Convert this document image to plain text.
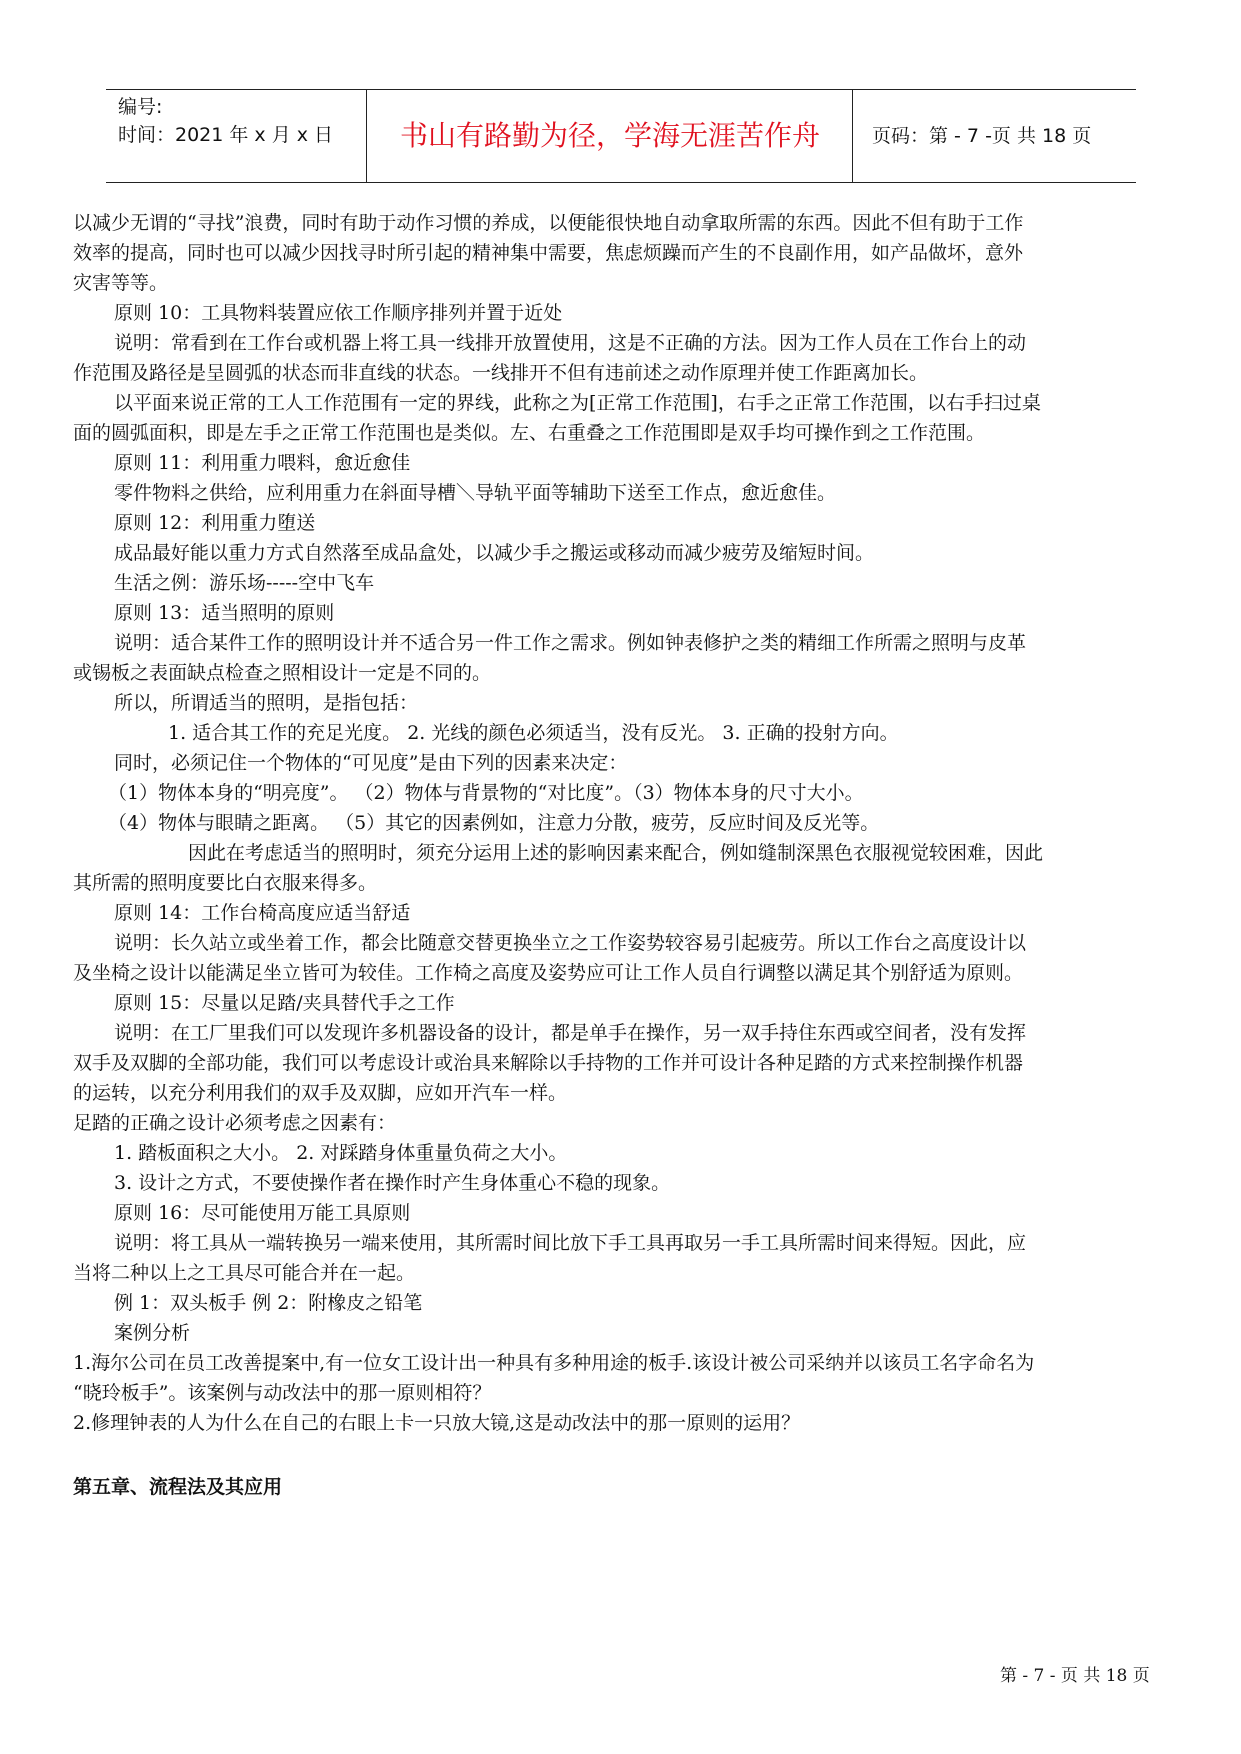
编号:
时间：2021 年 x 月 x 日	书山有路勤为径，学海无涯苦作舟	页码：第 - 7 -页 共 18 页
以减少无谓的“寻找”浪费，同时有助于动作习惯的养成，以便能很快地自动拿取所需的东西。因此不但有助于工作
效率的提高，同时也可以减少因找寻时所引起的精神集中需要，焦虑烦躁而产生的不良副作用，如产品做坏，意外
灾害等等。
原则 10：工具物料装置应依工作顺序排列并置于近处
说明：常看到在工作台或机器上将工具一线排开放置使用，这是不正确的方法。因为工作人员在工作台上的动
作范围及路径是呈圆弧的状态而非直线的状态。一线排开不但有违前述之动作原理并使工作距离加长。
以平面来说正常的工人工作范围有一定的界线，此称之为[正常工作范围]，右手之正常工作范围，以右手扫过桌
面的圆弧面积，即是左手之正常工作范围也是类似。左、右重叠之工作范围即是双手均可操作到之工作范围。
原则 11：利用重力喂料，愈近愈佳
零件物料之供给，应利用重力在斜面导槽＼导轨平面等辅助下送至工作点，愈近愈佳。
原则 12：利用重力堕送
成品最好能以重力方式自然落至成品盒处，以减少手之搬运或移动而减少疲劳及缩短时间。
生活之例：游乐场-----空中飞车
原则 13：适当照明的原则
说明：适合某件工作的照明设计并不适合另一件工作之需求。例如钟表修护之类的精细工作所需之照明与皮革
或锡板之表面缺点检查之照相设计一定是不同的。
所以，所谓适当的照明，是指包括：
1. 适合其工作的充足光度。 2. 光线的颜色必须适当，没有反光。 3. 正确的投射方向。
同时，必须记住一个物体的“可见度”是由下列的因素来决定：
（1）物体本身的“明亮度”。 （2）物体与背景物的“对比度”。（3）物体本身的尺寸大小。
（4）物体与眼睛之距离。 （5）其它的因素例如，注意力分散，疲劳，反应时间及反光等。
因此在考虑适当的照明时，须充分运用上述的影响因素来配合，例如缝制深黑色衣服视觉较困难，因此
其所需的照明度要比白衣服来得多。
原则 14：工作台椅高度应适当舒适
说明：长久站立或坐着工作，都会比随意交替更换坐立之工作姿势较容易引起疲劳。所以工作台之高度设计以
及坐椅之设计以能满足坐立皆可为较佳。工作椅之高度及姿势应可让工作人员自行调整以满足其个别舒适为原则。
原则 15：尽量以足踏/夹具替代手之工作
说明：在工厂里我们可以发现许多机器设备的设计，都是单手在操作，另一双手持住东西或空间者，没有发挥
双手及双脚的全部功能，我们可以考虑设计或治具来解除以手持物的工作并可设计各种足踏的方式来控制操作机器
的运转，以充分利用我们的双手及双脚，应如开汽车一样。
足踏的正确之设计必须考虑之因素有：
1. 踏板面积之大小。 2. 对踩踏身体重量负荷之大小。
3. 设计之方式，不要使操作者在操作时产生身体重心不稳的现象。
原则 16：尽可能使用万能工具原则
说明：将工具从一端转换另一端来使用，其所需时间比放下手工具再取另一手工具所需时间来得短。因此，应
当将二种以上之工具尽可能合并在一起。
例 1：双头板手 例 2：附橡皮之铅笔
案例分析
1.海尔公司在员工改善提案中,有一位女工设计出一种具有多种用途的板手.该设计被公司采纳并以该员工名字命名为
“晓玲板手”。该案例与动改法中的那一原则相符？
2.修理钟表的人为什么在自己的右眼上卡一只放大镜,这是动改法中的那一原则的运用？
第五章、流程法及其应用
第 - 7 - 页 共 18 页
